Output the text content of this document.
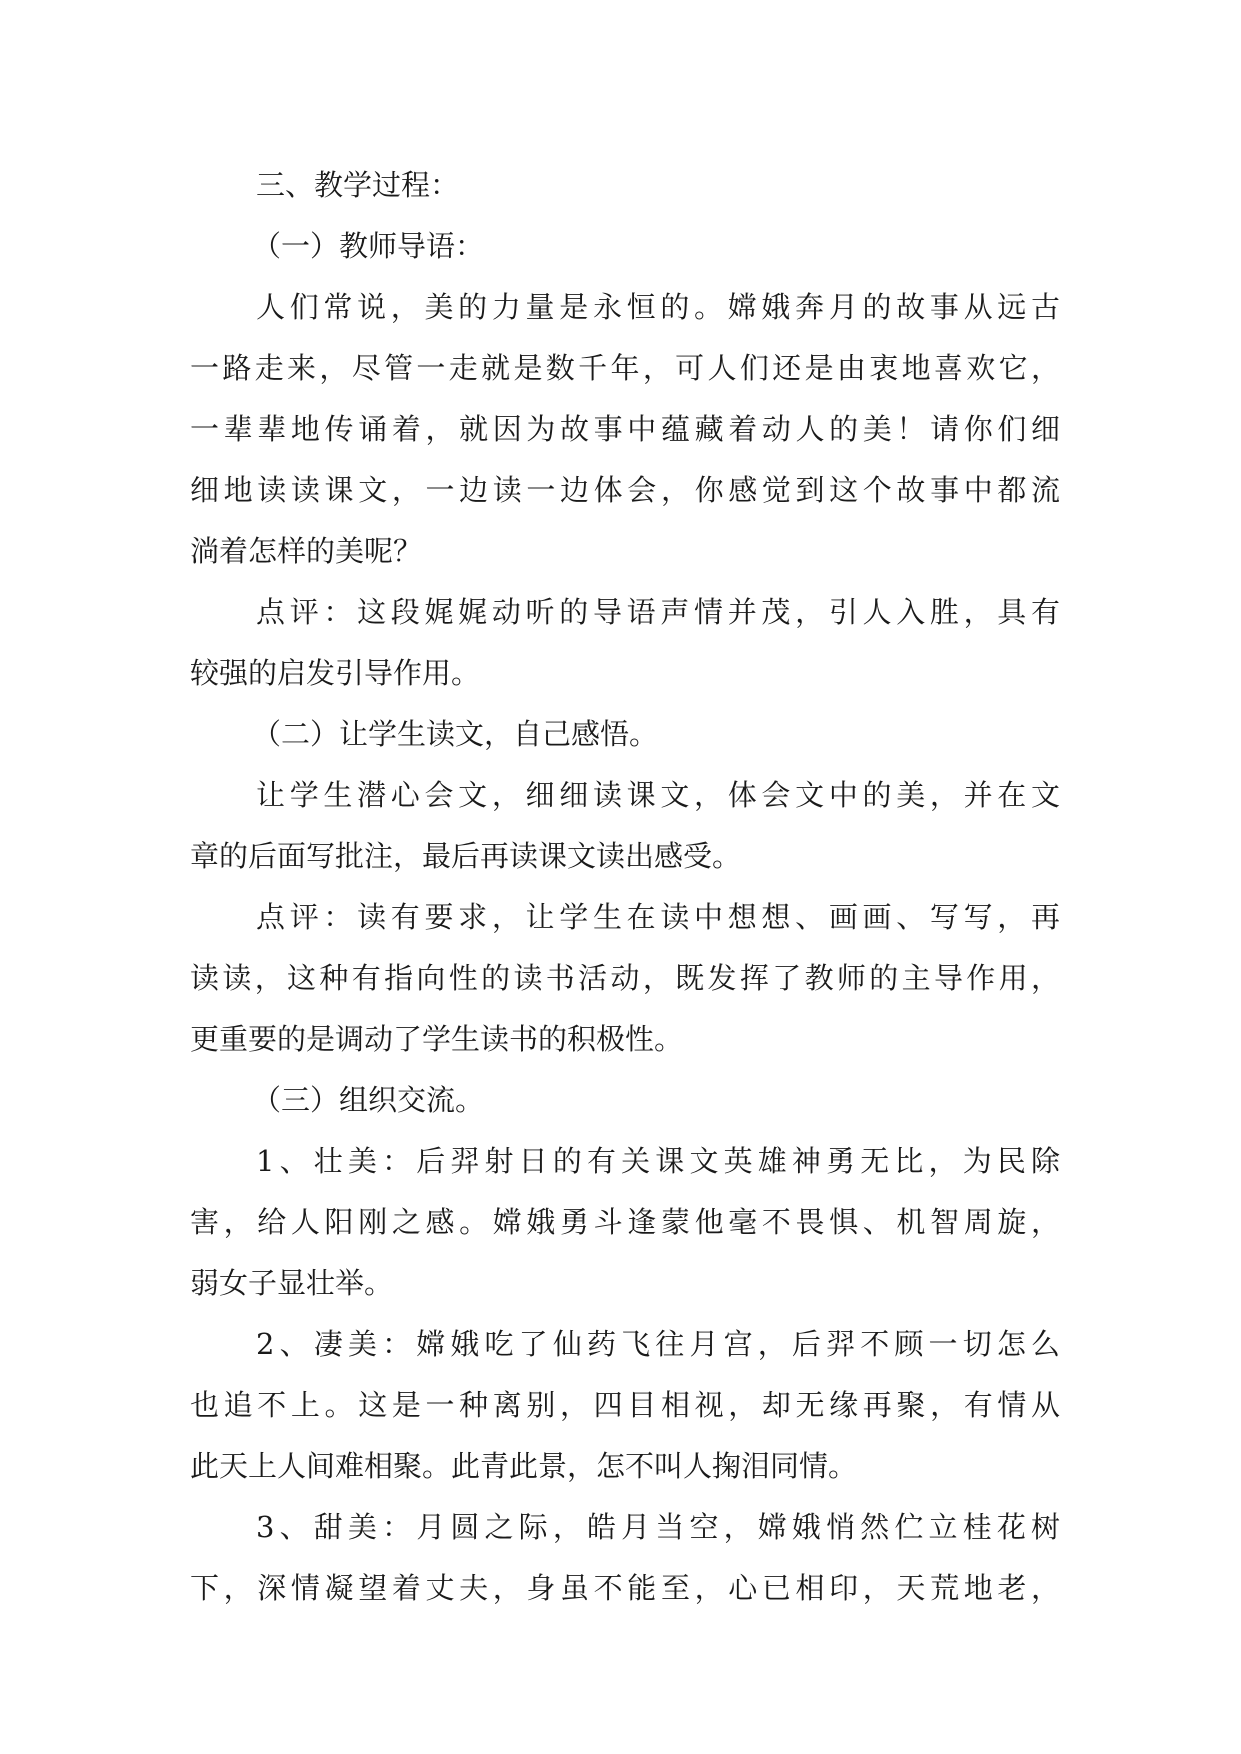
三、教学过程：
（一）教师导语：
人们常说，美的力量是永恒的。嫦娥奔月的故事从远古
一路走来，尽管一走就是数千年，可人们还是由衷地喜欢它，
一辈辈地传诵着，就因为故事中蕴藏着动人的美！请你们细
细地读读课文，一边读一边体会，你感觉到这个故事中都流
淌着怎样的美呢？
点评：这段娓娓动听的导语声情并茂，引人入胜，具有
较强的启发引导作用。
（二）让学生读文，自己感悟。
让学生潜心会文，细细读课文，体会文中的美，并在文
章的后面写批注，最后再读课文读出感受。
点评：读有要求，让学生在读中想想、画画、写写，再
读读，这种有指向性的读书活动，既发挥了教师的主导作用，
更重要的是调动了学生读书的积极性。
（三）组织交流。
1、壮美：后羿射日的有关课文英雄神勇无比，为民除
害，给人阳刚之感。嫦娥勇斗逢蒙他毫不畏惧、机智周旋，
弱女子显壮举。
2、凄美：嫦娥吃了仙药飞往月宫，后羿不顾一切怎么
也追不上。这是一种离别，四目相视，却无缘再聚，有情从
此天上人间难相聚。此青此景，怎不叫人掬泪同情。
3、甜美：月圆之际，皓月当空，嫦娥悄然伫立桂花树
下，深情凝望着丈夫，身虽不能至，心已相印，天荒地老，
